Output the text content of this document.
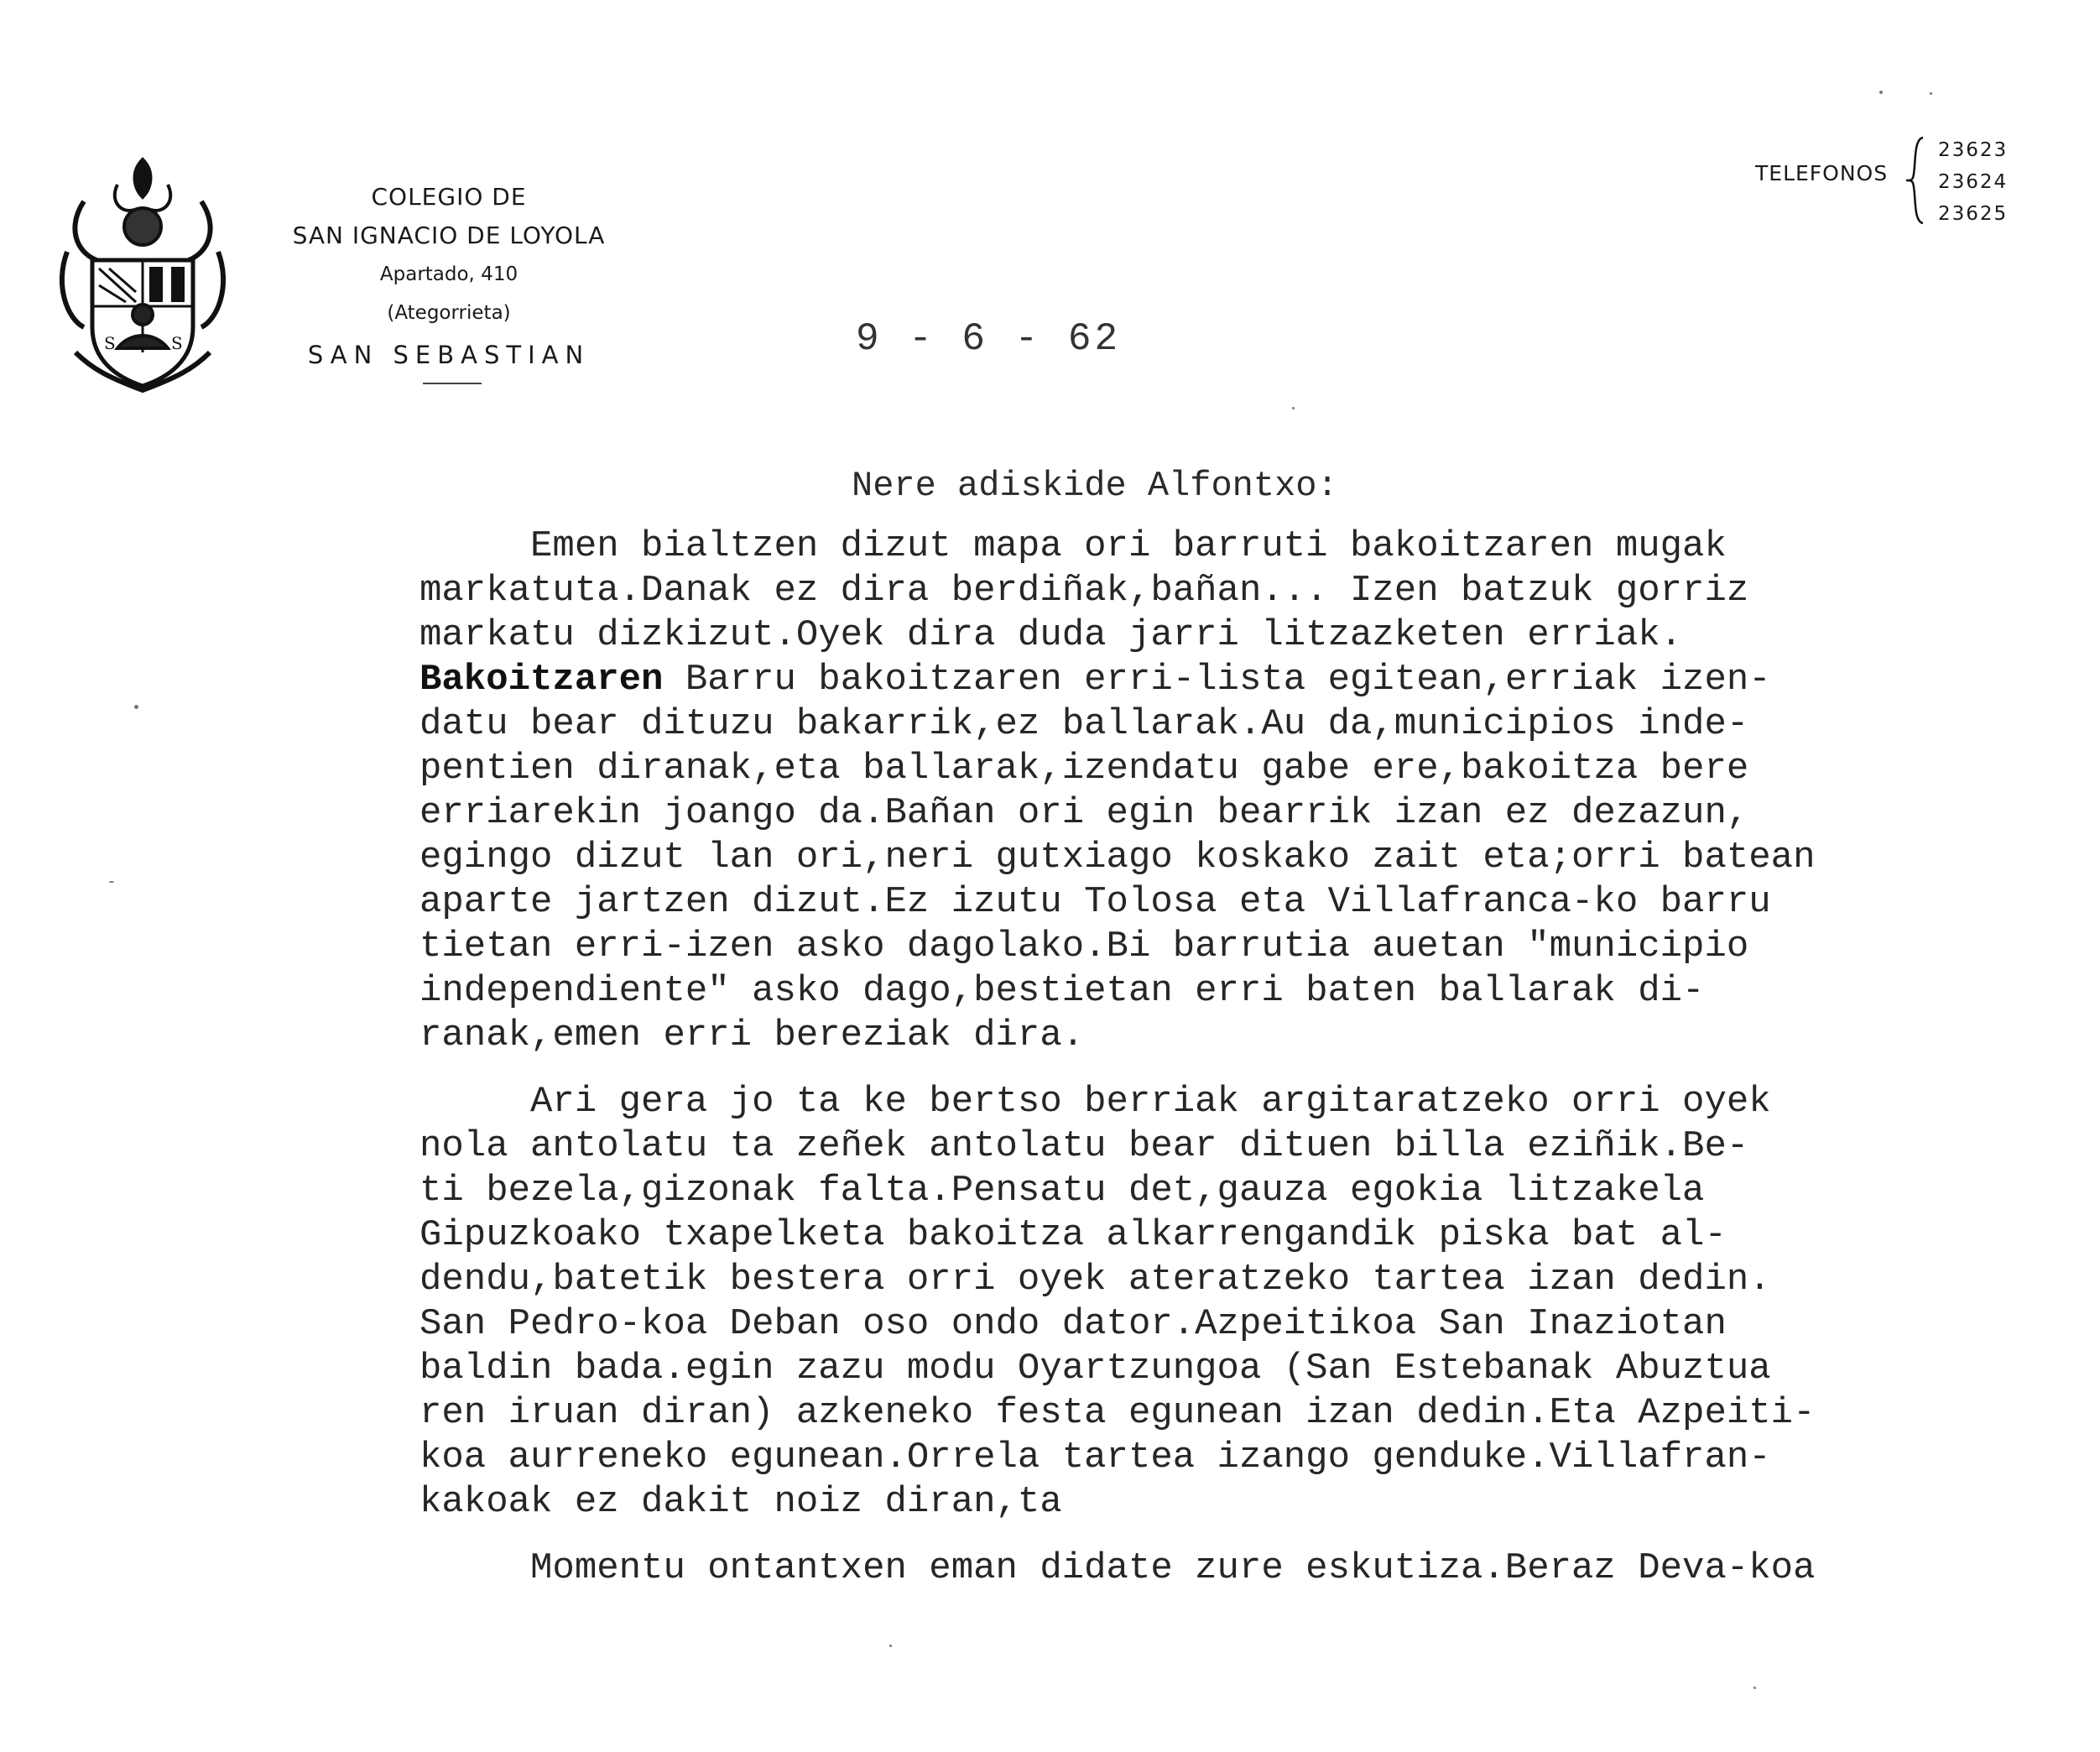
S	S
COLEGIO DE
SAN IGNACIO DE LOYOLA
Apartado, 410
(Ategorrieta)
SAN SEBASTIAN
TELEFONOS
23623
23624
23625
9 - 6 - 62
Nere adiskide Alfontxo:
Emen bialtzen dizut mapa ori barruti bakoitzaren mugak
markatuta.Danak ez dira berdiñak,bañan... Izen batzuk gorriz
markatu dizkizut.Oyek dira duda jarri litzazketen erriak.
Bakoitzaren Barru bakoitzaren erri-lista egitean,erriak izen-
datu bear dituzu bakarrik,ez ballarak.Au da,municipios inde-
pentien diranak,eta ballarak,izendatu gabe ere,bakoitza bere
erriarekin joango da.Bañan ori egin bearrik izan ez dezazun,
egingo dizut lan ori,neri gutxiago koskako zait eta;orri batean
aparte jartzen dizut.Ez izutu Tolosa eta Villafranca-ko barru
tietan erri-izen asko dagolako.Bi barrutia auetan "municipio
independiente" asko dago,bestietan erri baten ballarak di-
ranak,emen erri bereziak dira.
Ari gera jo ta ke bertso berriak argitaratzeko orri oyek
nola antolatu ta zeñek antolatu bear dituen billa eziñik.Be-
ti bezela,gizonak falta.Pensatu det,gauza egokia litzakela
Gipuzkoako txapelketa bakoitza alkarrengandik piska bat al-
dendu,batetik bestera orri oyek ateratzeko tartea izan dedin.
San Pedro-koa Deban oso ondo dator.Azpeitikoa San Inaziotan
baldin bada.egin zazu modu Oyartzungoa (San Estebanak Abuztua
ren iruan diran) azkeneko festa egunean izan dedin.Eta Azpeiti-
koa aurreneko egunean.Orrela tartea izango genduke.Villafran-
kakoak ez dakit noiz diran,ta
Momentu ontantxen eman didate zure eskutiza.Beraz Deva-koa
